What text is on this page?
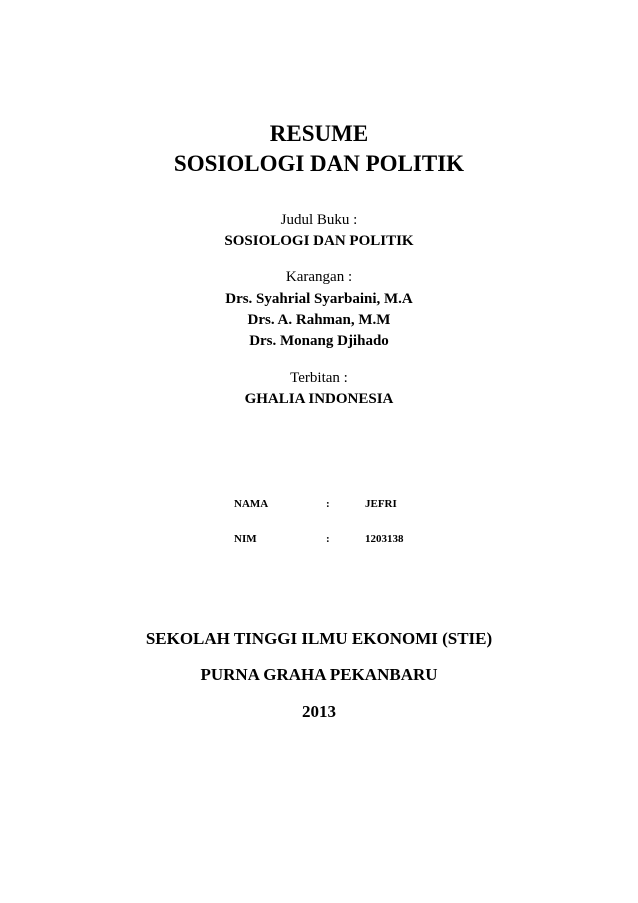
RESUME
SOSIOLOGI DAN POLITIK
Judul Buku :
SOSIOLOGI DAN POLITIK
Karangan :
Drs. Syahrial Syarbaini, M.A
Drs. A. Rahman, M.M
Drs. Monang Djihado
Terbitan :
GHALIA INDONESIA
NAMA	:	JEFRI
NIM	:	1203138
SEKOLAH TINGGI ILMU EKONOMI (STIE)
PURNA GRAHA PEKANBARU
2013
